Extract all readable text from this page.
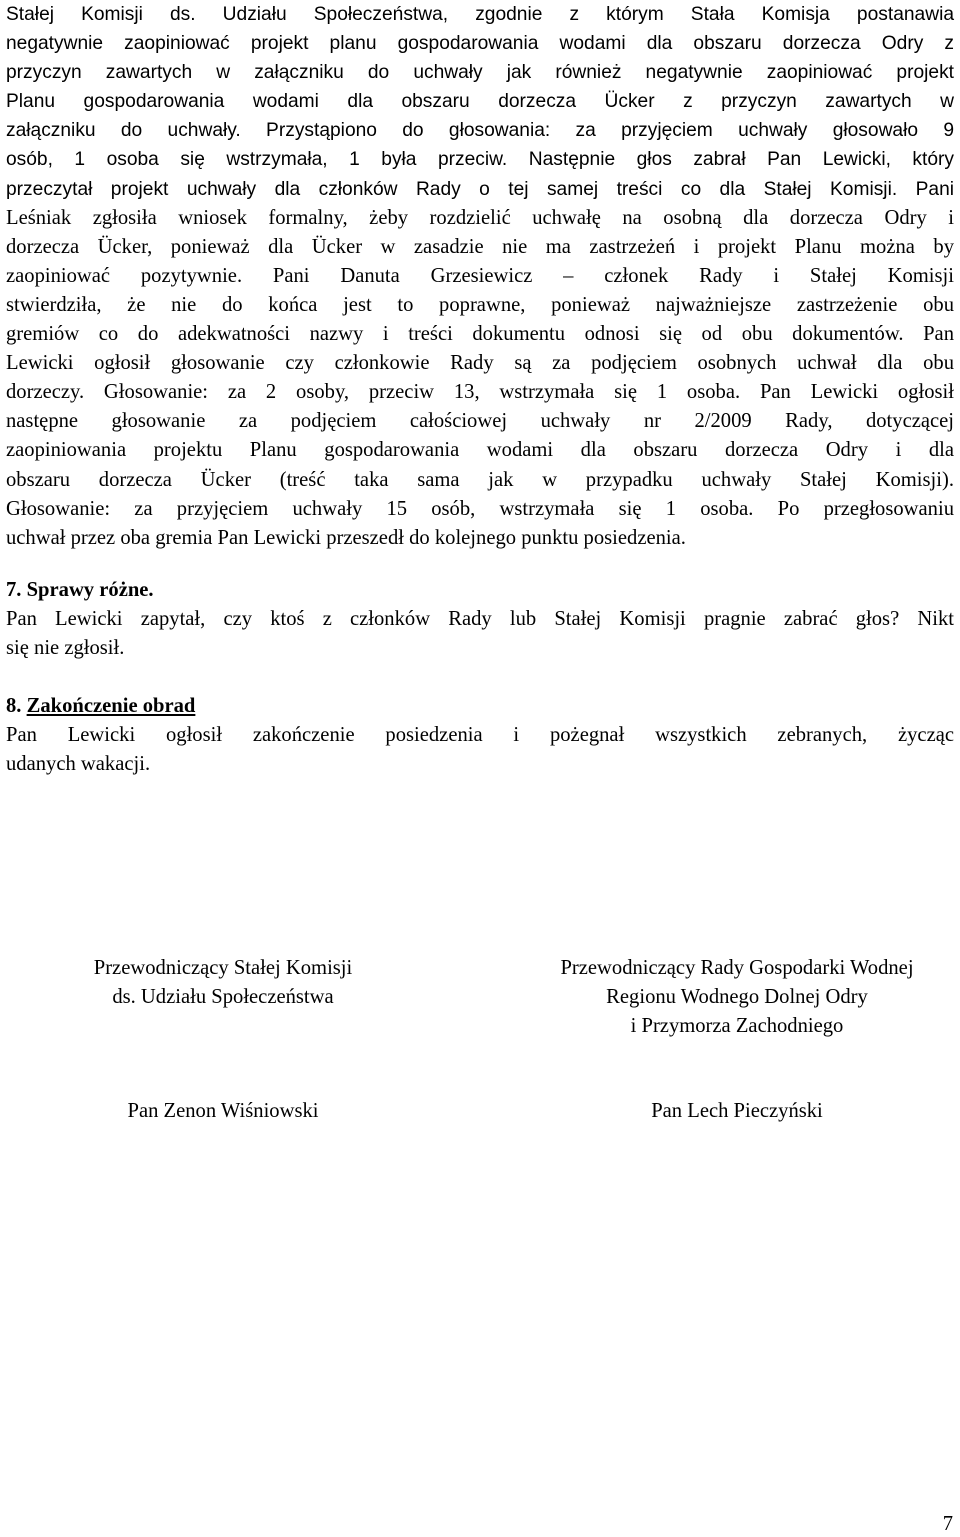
Stałej Komisji ds. Udziału Społeczeństwa, zgodnie z którym Stała Komisja postanawia
negatywnie zaopiniować projekt planu gospodarowania wodami dla obszaru dorzecza Odry z
przyczyn zawartych w załączniku do uchwały jak również negatywnie zaopiniować projekt
Planu gospodarowania wodami dla obszaru dorzecza Ücker z przyczyn zawartych w
załączniku do uchwały. Przystąpiono do głosowania: za przyjęciem uchwały głosowało 9
osób, 1 osoba się wstrzymała, 1 była przeciw. Następnie głos zabrał Pan Lewicki, który
przeczytał projekt uchwały dla członków Rady o tej samej treści co dla Stałej Komisji. Pani
Leśniak zgłosiła wniosek formalny, żeby rozdzielić uchwałę na osobną dla dorzecza Odry i
dorzecza Ücker, ponieważ dla Ücker w zasadzie nie ma zastrzeżeń i projekt Planu można by
zaopiniować pozytywnie. Pani Danuta Grzesiewicz – członek Rady i Stałej Komisji
stwierdziła, że nie do końca jest to poprawne, ponieważ najważniejsze zastrzeżenie obu
gremiów co do adekwatności nazwy i treści dokumentu odnosi się od obu dokumentów. Pan
Lewicki ogłosił głosowanie czy członkowie Rady są za podjęciem osobnych uchwał dla obu
dorzeczy. Głosowanie: za 2 osoby, przeciw 13, wstrzymała się 1 osoba. Pan Lewicki ogłosił
następne głosowanie za podjęciem całościowej uchwały nr 2/2009 Rady, dotyczącej
zaopiniowania projektu Planu gospodarowania wodami dla obszaru dorzecza Odry i dla
obszaru dorzecza Ücker (treść taka sama jak w przypadku uchwały Stałej Komisji).
Głosowanie: za przyjęciem uchwały 15 osób, wstrzymała się 1 osoba. Po przegłosowaniu
uchwał przez oba gremia Pan Lewicki przeszedł do kolejnego punktu posiedzenia.
7. Sprawy różne.
Pan Lewicki zapytał, czy ktoś z członków Rady lub Stałej Komisji pragnie zabrać głos? Nikt
się nie zgłosił.
8. Zakończenie obrad
Pan Lewicki ogłosił zakończenie posiedzenia i pożegnał wszystkich zebranych, życząc
udanych wakacji.
Przewodniczący Stałej Komisji
ds. Udziału Społeczeństwa
Pan Zenon Wiśniowski
Przewodniczący Rady Gospodarki Wodnej
Regionu Wodnego Dolnej Odry
i Przymorza Zachodniego
Pan Lech Pieczyński
7
